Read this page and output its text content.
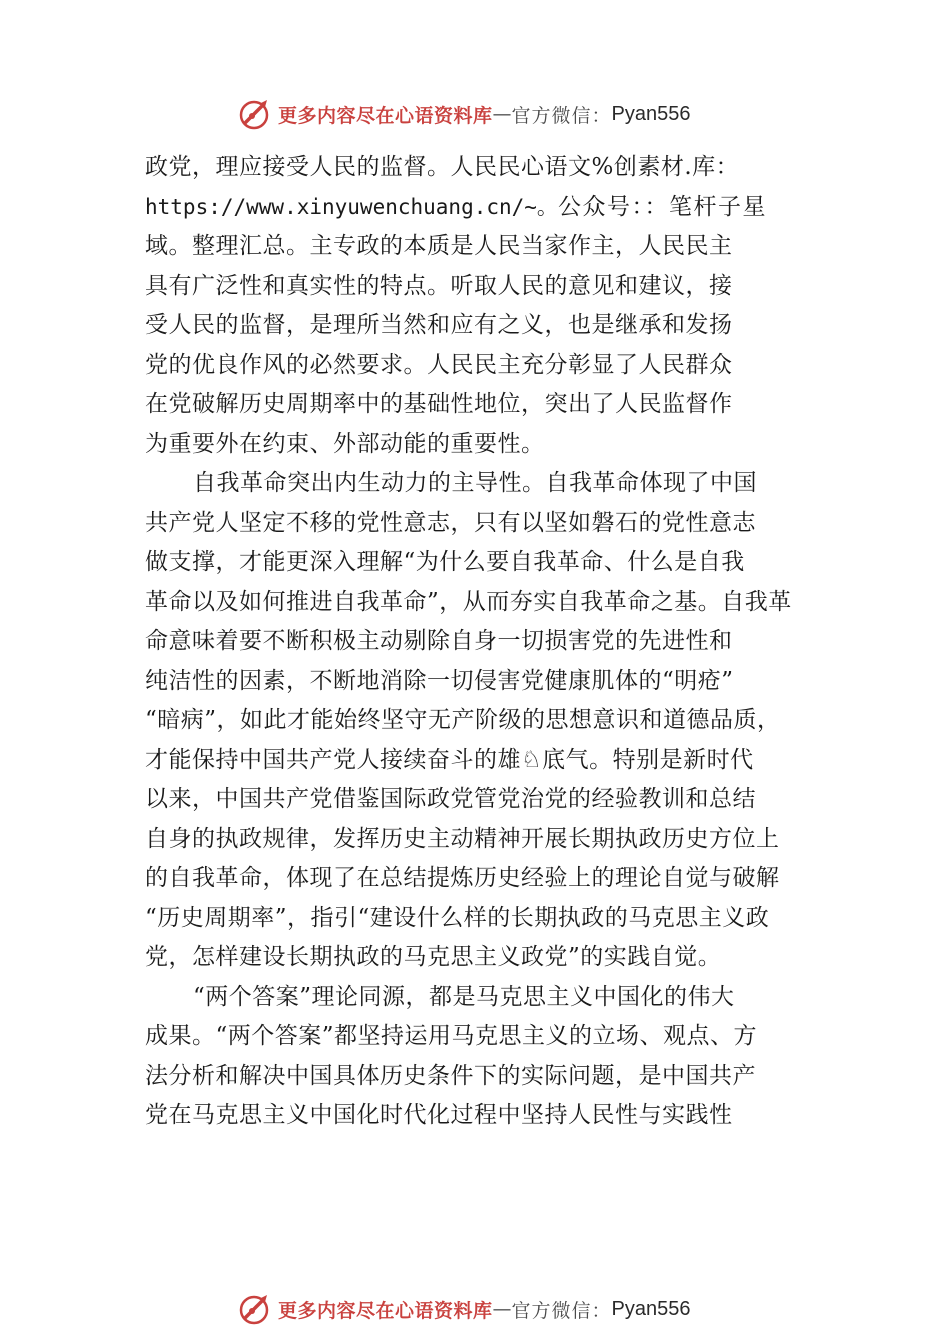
更多内容尽在心语资料库 — 官方微信： Pyan556
政党，理应接受人民的监督。人民民心语文%创素材.库：
https://www.xinyuwenchuang.cn/~。公众号：：笔杆子星
域。整理汇总。主专政的本质是人民当家作主，人民民主
具有广泛性和真实性的特点。听取人民的意见和建议，接
受人民的监督，是理所当然和应有之义，也是继承和发扬
党的优良作风的必然要求。人民民主充分彰显了人民群众
在党破解历史周期率中的基础性地位，突出了人民监督作
为重要外在约束、外部动能的重要性。
自我革命突出内生动力的主导性。自我革命体现了中国
共产党人坚定不移的党性意志，只有以坚如磐石的党性意志
做支撑，才能更深入理解“为什么要自我革命、什么是自我
革命以及如何推进自我革命”，从而夯实自我革命之基。自我革
命意味着要不断积极主动剔除自身一切损害党的先进性和
纯洁性的因素，不断地消除一切侵害党健康肌体的“明疮”
“暗病”，如此才能始终坚守无产阶级的思想意识和道德品质，
才能保持中国共产党人接续奋斗的雄♘底气。特别是新时代
以来，中国共产党借鉴国际政党管党治党的经验教训和总结
自身的执政规律，发挥历史主动精神开展长期执政历史方位上
的自我革命，体现了在总结提炼历史经验上的理论自觉与破解
“历史周期率”，指引“建设什么样的长期执政的马克思主义政
党，怎样建设长期执政的马克思主义政党”的实践自觉。
“两个答案”理论同源，都是马克思主义中国化的伟大
成果。“两个答案”都坚持运用马克思主义的立场、观点、方
法分析和解决中国具体历史条件下的实际问题，是中国共产
党在马克思主义中国化时代化过程中坚持人民性与实践性
更多内容尽在心语资料库 — 官方微信： Pyan556
